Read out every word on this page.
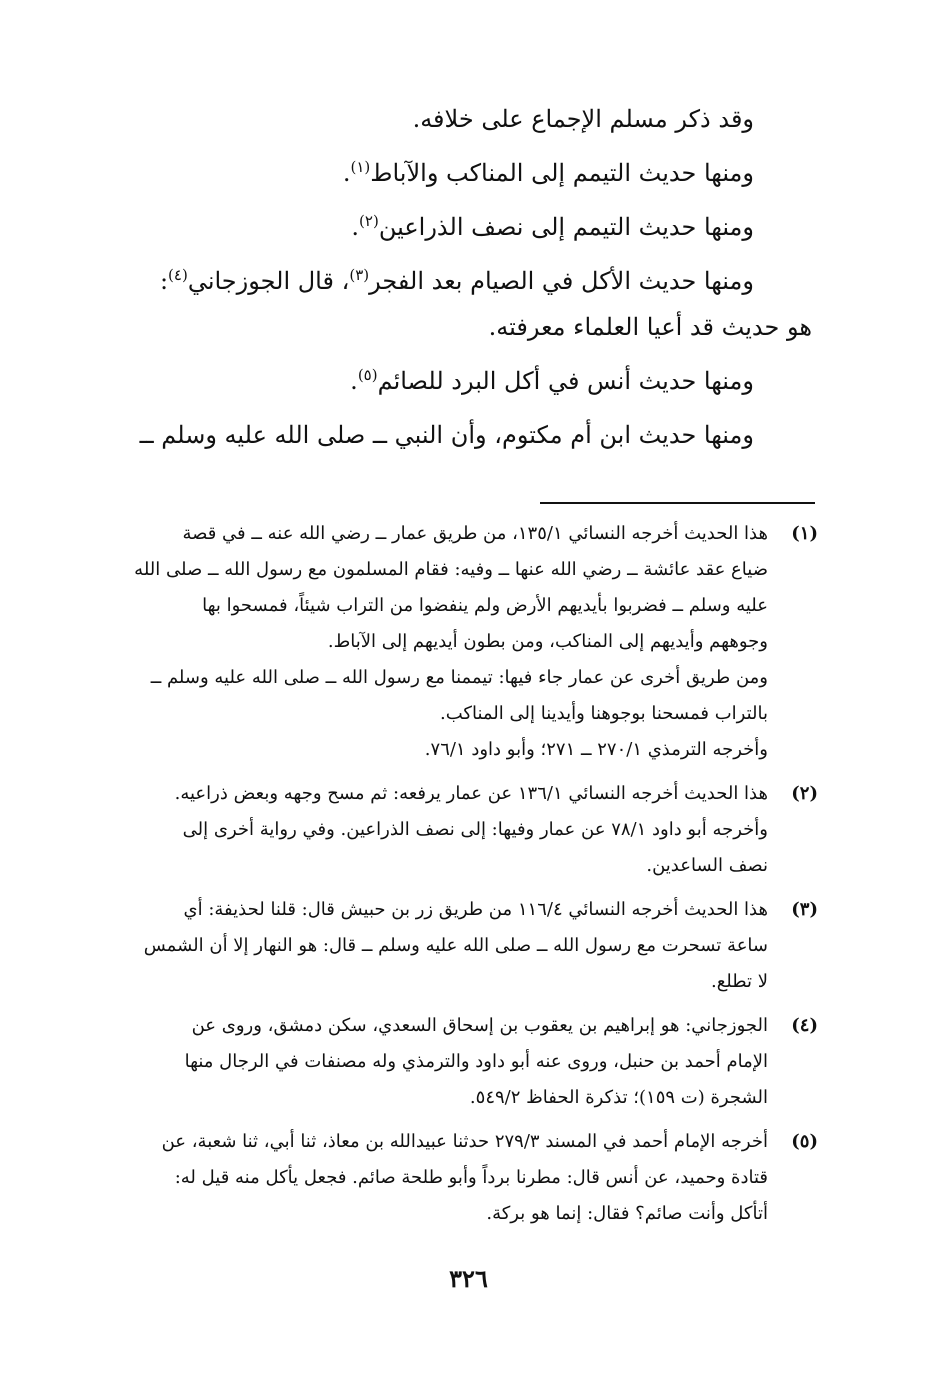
وقد ذكر مسلم الإجماع على خلافه.

ومنها حديث التيمم إلى المناكب والآباط$^{(١)}$.

ومنها حديث التيمم إلى نصف الذراعين$^{(٢)}$.

ومنها حديث الأكل في الصيام بعد الفجر$^{(٣)}$، قال الجوزجاني$^{(٤)}$:

هو حديث قد أعيا العلماء معرفته.

ومنها حديث أنس في أكل البرد للصائم$^{(٥)}$.

ومنها حديث ابن أم مكتوم، وأن النبي ــ صلى الله عليه وسلم ــ

(١)
هذا الحديث أخرجه النسائي ١٣٥/١، من طريق عمار ــ رضي الله عنه ــ في قصة
ضياع عقد عائشة ــ رضي الله عنها ــ وفيه: فقام المسلمون مع رسول الله ــ صلى الله
عليه وسلم ــ فضربوا بأيديهم الأرض ولم ينفضوا من التراب شيئاً، فمسحوا بها
وجوههم وأيديهم إلى المناكب، ومن بطون أيديهم إلى الآباط.
ومن طريق أخرى عن عمار جاء فيها: تيممنا مع رسول الله ــ صلى الله عليه وسلم ــ
بالتراب فمسحنا بوجوهنا وأيدينا إلى المناكب.
وأخرجه الترمذي ٢٧٠/١ ــ ٢٧١؛ وأبو داود ٧٦/١.
(٢)
هذا الحديث أخرجه النسائي ١٣٦/١ عن عمار يرفعه: ثم مسح وجهه وبعض ذراعيه.
وأخرجه أبو داود ٧٨/١ عن عمار وفيها: إلى نصف الذراعين. وفي رواية أخرى إلى
نصف الساعدين.
(٣)
هذا الحديث أخرجه النسائي ١١٦/٤ من طريق زر بن حبيش قال: قلنا لحذيفة: أي
ساعة تسحرت مع رسول الله ــ صلى الله عليه وسلم ــ قال: هو النهار إلا أن الشمس
لا تطلع.
(٤)
الجوزجاني: هو إبراهيم بن يعقوب بن إسحاق السعدي، سكن دمشق، وروى عن
الإمام أحمد بن حنبل، وروى عنه أبو داود والترمذي وله مصنفات في الرجال منها
الشجرة (ت ١٥٩)؛ تذكرة الحفاظ ٥٤٩/٢.
(٥)
أخرجه الإمام أحمد في المسند ٢٧٩/٣ حدثنا عبيدالله بن معاذ، ثنا أبي، ثنا شعبة، عن
قتادة وحميد، عن أنس قال: مطرنا برداً وأبو طلحة صائم. فجعل يأكل منه قيل له:
أتأكل وأنت صائم؟ فقال: إنما هو بركة.
٣٢٦
